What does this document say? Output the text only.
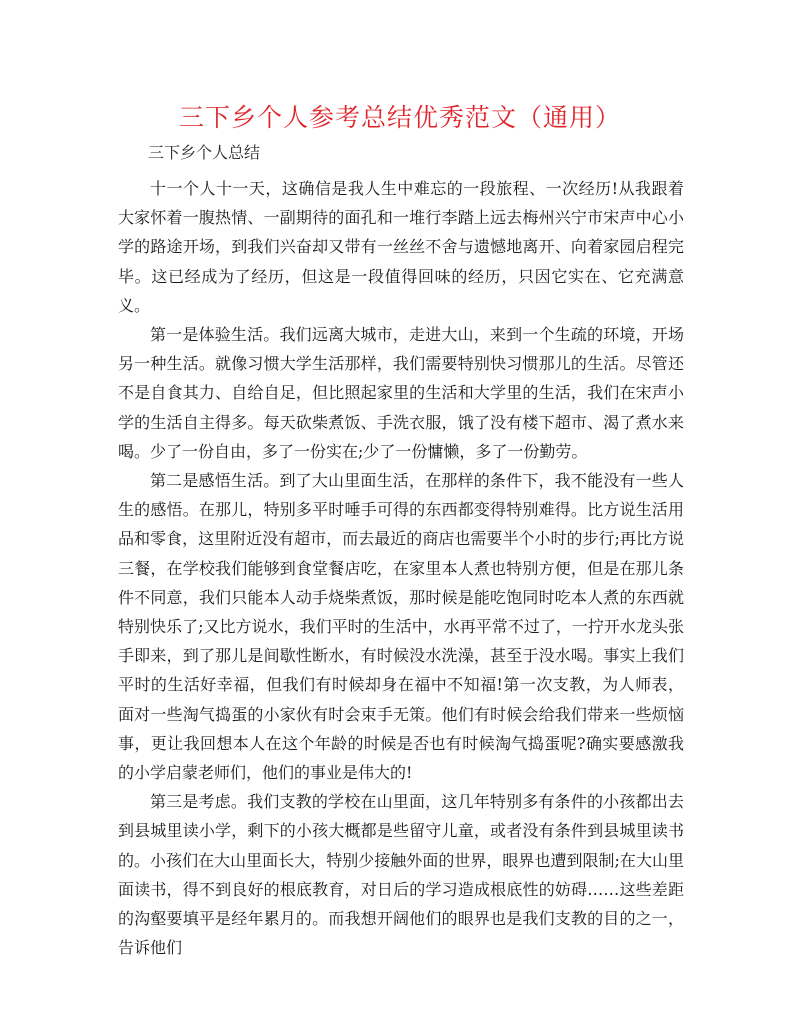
三下乡个人参考总结优秀范文（通用）
三下乡个人总结

十一个人十一天，这确信是我人生中难忘的一段旅程、一次经历!从我跟着大家怀着一腹热情、一副期待的面孔和一堆行李踏上远去梅州兴宁市宋声中心小学的路途开场，到我们兴奋却又带有一丝丝不舍与遗憾地离开、向着家园启程完毕。这已经成为了经历，但这是一段值得回味的经历，只因它实在、它充满意义。

第一是体验生活。我们远离大城市，走进大山，来到一个生疏的环境，开场另一种生活。就像习惯大学生活那样，我们需要特别快习惯那儿的生活。尽管还不是自食其力、自给自足，但比照起家里的生活和大学里的生活，我们在宋声小学的生活自主得多。每天砍柴煮饭、手洗衣服，饿了没有楼下超市、渴了煮水来喝。少了一份自由，多了一份实在;少了一份慵懒，多了一份勤劳。

第二是感悟生活。到了大山里面生活，在那样的条件下，我不能没有一些人生的感悟。在那儿，特别多平时唾手可得的东西都变得特别难得。比方说生活用品和零食，这里附近没有超市，而去最近的商店也需要半个小时的步行;再比方说三餐，在学校我们能够到食堂餐店吃，在家里本人煮也特别方便，但是在那儿条件不同意，我们只能本人动手烧柴煮饭，那时候是能吃饱同时吃本人煮的东西就特别快乐了;又比方说水，我们平时的生活中，水再平常不过了，一拧开水龙头张手即来，到了那儿是间歇性断水，有时候没水洗澡，甚至于没水喝。事实上我们平时的生活好幸福，但我们有时候却身在福中不知福!第一次支教，为人师表，面对一些淘气捣蛋的小家伙有时会束手无策。他们有时候会给我们带来一些烦恼事，更让我回想本人在这个年龄的时候是否也有时候淘气捣蛋呢?确实要感激我的小学启蒙老师们，他们的事业是伟大的!

第三是考虑。我们支教的学校在山里面，这几年特别多有条件的小孩都出去到县城里读小学，剩下的小孩大概都是些留守儿童，或者没有条件到县城里读书的。小孩们在大山里面长大，特别少接触外面的世界，眼界也遭到限制;在大山里面读书，得不到良好的根底教育，对日后的学习造成根底性的妨碍……这些差距的沟壑要填平是经年累月的。而我想开阔他们的眼界也是我们支教的目的之一，告诉他们
